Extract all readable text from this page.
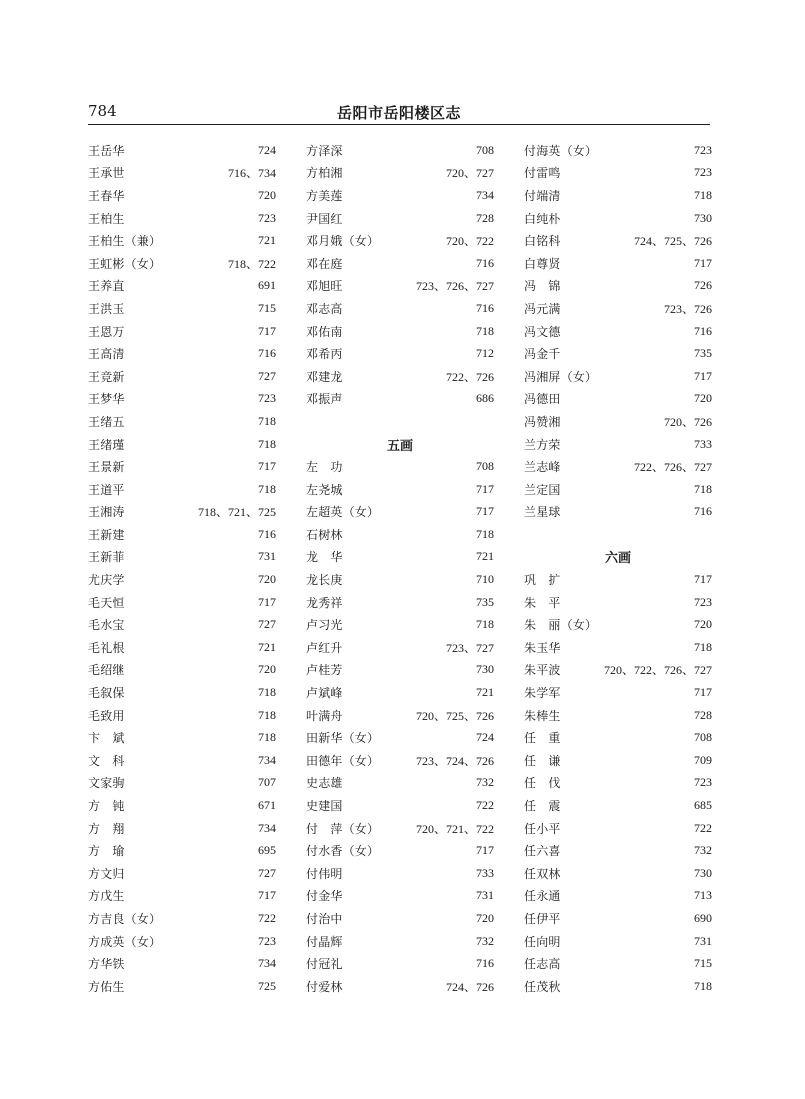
784	岳阳市岳阳楼区志
王岳华	724
王承世	716、734
王春华	720
王柏生	723
王柏生（兼）	721
王虹彬（女）	718、722
王养直	691
王洪玉	715
王恩万	717
王高清	716
王竞新	727
王梦华	723
王绪五	718
王绪瑾	718
王景新	717
王道平	718
王湘涛	718、721、725
王新建	716
王新菲	731
尤庆学	720
毛天恒	717
毛水宝	727
毛礼根	721
毛绍继	720
毛叙保	718
毛致用	718
卞　斌	718
文　科	734
文家驹	707
方　钝	671
方　翔	734
方　瑜	695
方文归	727
方戊生	717
方吉良（女）	722
方成英（女）	723
方华铁	734
方佑生	725
方泽深	708
方柏湘	720、727
方美莲	734
尹国红	728
邓月娥（女）	720、722
邓在庭	716
邓旭旺	723、726、727
邓志高	716
邓佑南	718
邓希丙	712
邓建龙	722、726
邓振声	686
五画
左　功	708
左尧城	717
左超英（女）	717
石树林	718
龙　华	721
龙长庚	710
龙秀祥	735
卢习光	718
卢红升	723、727
卢桂芳	730
卢斌峰	721
叶满舟	720、725、726
田新华（女）	724
田德年（女）	723、724、726
史志雄	732
史建国	722
付　萍（女）	720、721、722
付水香（女）	717
付伟明	733
付金华	731
付治中	720
付晶辉	732
付冠礼	716
付爱林	724、726
付海英（女）	723
付雷鸣	723
付端清	718
白纯朴	730
白铭科	724、725、726
白尊贤	717
冯　锦	726
冯元满	723、726
冯文德	716
冯金千	735
冯湘屏（女）	717
冯德田	720
冯赞湘	720、726
兰方荣	733
兰志峰	722、726、727
兰定国	718
兰星球	716
六画
巩　扩	717
朱　平	723
朱　丽（女）	720
朱玉华	718
朱平波	720、722、726、727
朱学军	717
朱棒生	728
任　重	708
任　谦	709
任　伐	723
任　震	685
任小平	722
任六喜	732
任双林	730
任永通	713
任伊平	690
任向明	731
任志高	715
任茂秋	718
